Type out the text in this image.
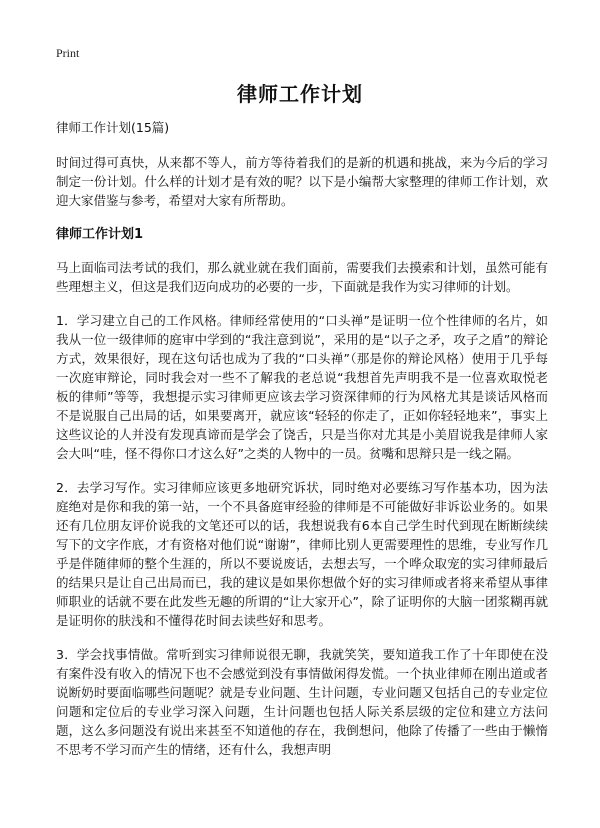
Print
律师工作计划

律师工作计划(15篇)

时间过得可真快，从来都不等人，前方等待着我们的是新的机遇和挑战，来为今后的学习制定一份计划。什么样的计划才是有效的呢？以下是小编帮大家整理的律师工作计划，欢迎大家借鉴与参考，希望对大家有所帮助。

律师工作计划1

马上面临司法考试的我们，那么就业就在我们面前，需要我们去摸索和计划，虽然可能有些理想主义，但这是我们迈向成功的必要的一步，下面就是我作为实习律师的计划。

1．学习建立自己的工作风格。律师经常使用的“口头禅”是证明一位个性律师的名片，如我从一位一级律师的庭审中学到的“我注意到说”，采用的是“以子之矛，攻子之盾”的辩论方式，效果很好，现在这句话也成为了我的“口头禅”（那是你的辩论风格）使用于几乎每一次庭审辩论，同时我会对一些不了解我的老总说“我想首先声明我不是一位喜欢取悦老板的律师”等等，我想提示实习律师更应该去学习资深律师的行为风格尤其是谈话风格而不是说服自己出局的话，如果要离开，就应该“轻轻的你走了，正如你轻轻地来”，事实上这些议论的人并没有发现真谛而是学会了饶舌，只是当你对尤其是小美眉说我是律师人家会大叫“哇，怪不得你口才这么好”之类的人物中的一员。贫嘴和思辩只是一线之隔。

2．去学习写作。实习律师应该更多地研究诉状，同时绝对必要练习写作基本功，因为法庭绝对是你和我的第一站，一个不具备庭审经验的律师是不可能做好非诉讼业务的。如果还有几位朋友评价说我的文笔还可以的话，我想说我有6本自己学生时代到现在断断续续写下的文字作底，才有资格对他们说“谢谢”，律师比别人更需要理性的思维，专业写作几乎是伴随律师的整个生涯的，所以不要说废话，去想去写，一个哗众取宠的实习律师最后的结果只是让自己出局而已，我的建议是如果你想做个好的实习律师或者将来希望从事律师职业的话就不要在此发些无趣的所谓的“让大家开心”，除了证明你的大脑一团浆糊再就是证明你的肤浅和不懂得花时间去读些好和思考。

3．学会找事情做。常听到实习律师说很无聊，我就笑笑，要知道我工作了十年即使在没有案件没有收入的情况下也不会感觉到没有事情做闲得发慌。一个执业律师在刚出道或者说断奶时要面临哪些问题呢？就是专业问题、生计问题，专业问题又包括自己的专业定位问题和定位后的专业学习深入问题，生计问题也包括人际关系层级的定位和建立方法问题，这么多问题没有说出来甚至不知道他的存在，我倒想问，他除了传播了一些由于懒惰不思考不学习而产生的情绪，还有什么，我想声明
